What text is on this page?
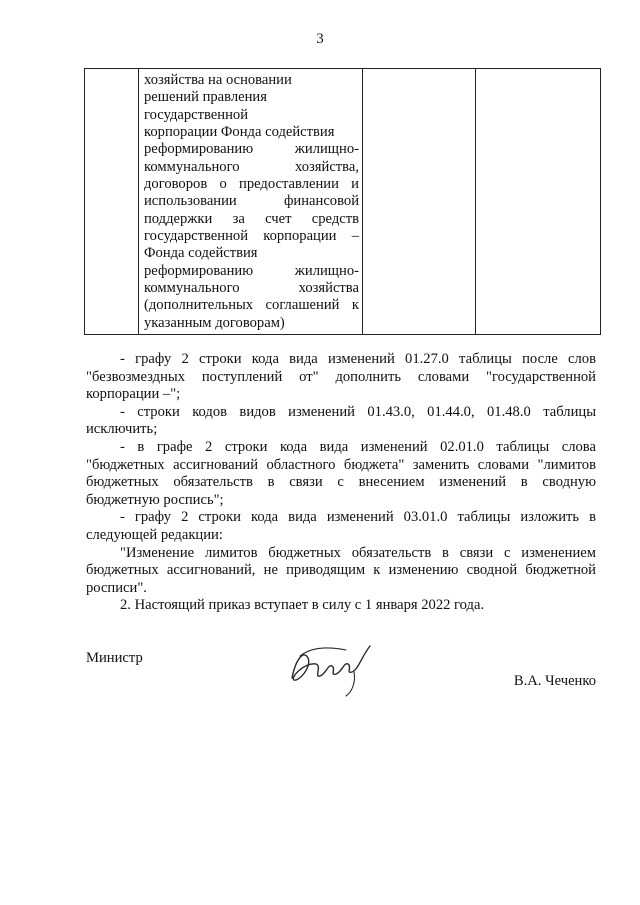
3

хозяйства на основании
решений правления
государственной
корпорации Фонда содействия
реформированию жилищно-
коммунального хозяйства,
договоров о предоставлении и
использовании финансовой
поддержки за счет средств
государственной корпорации –
Фонда содействия
реформированию жилищно-
коммунального хозяйства
(дополнительных соглашений к
указанным договорам)

- графу 2 строки кода вида изменений 01.27.0 таблицы после слов
"безвозмездных поступлений от" дополнить словами "государственной
корпорации –";
- строки кодов видов изменений 01.43.0, 01.44.0, 01.48.0 таблицы
исключить;
- в графе 2 строки кода вида изменений 02.01.0 таблицы слова
"бюджетных ассигнований областного бюджета" заменить словами "лимитов
бюджетных обязательств в связи с внесением изменений в сводную
бюджетную роспись";
- графу 2 строки кода вида изменений 03.01.0 таблицы изложить в
следующей редакции:
"Изменение лимитов бюджетных обязательств в связи с изменением
бюджетных ассигнований, не приводящим к изменению сводной бюджетной
росписи".
2. Настоящий приказ вступает в силу с 1 января 2022 года.
Министр
В.А. Чеченко
